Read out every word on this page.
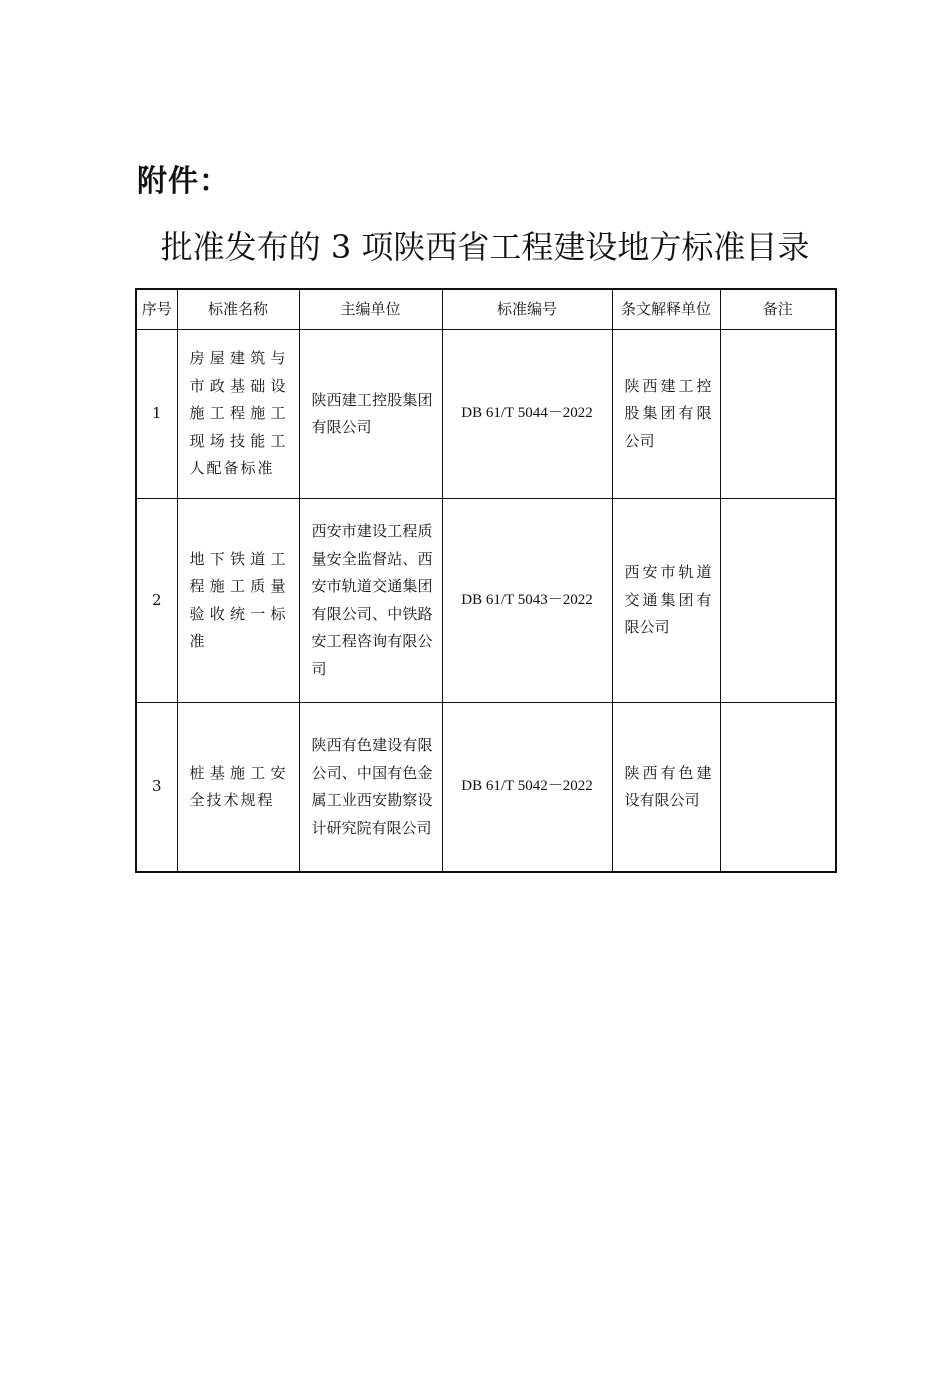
附件：
批准发布的 3 项陕西省工程建设地方标准目录
序号	标准名称	主编单位	标准编号	条文解释单位	备注
1	房屋建筑与市政基础设施工程施工现场技能工人配备标准	陕西建工控股集团有限公司	DB 61/T 5044－2022	陕西建工控股集团有限公司	
2	地下铁道工程施工质量验收统一标准	西安市建设工程质量安全监督站、西安市轨道交通集团有限公司、中铁路安工程咨询有限公司	DB 61/T 5043－2022	西安市轨道交通集团有限公司	
3	桩基施工安全技术规程	陕西有色建设有限公司、中国有色金属工业西安勘察设计研究院有限公司	DB 61/T 5042－2022	陕西有色建设有限公司	
